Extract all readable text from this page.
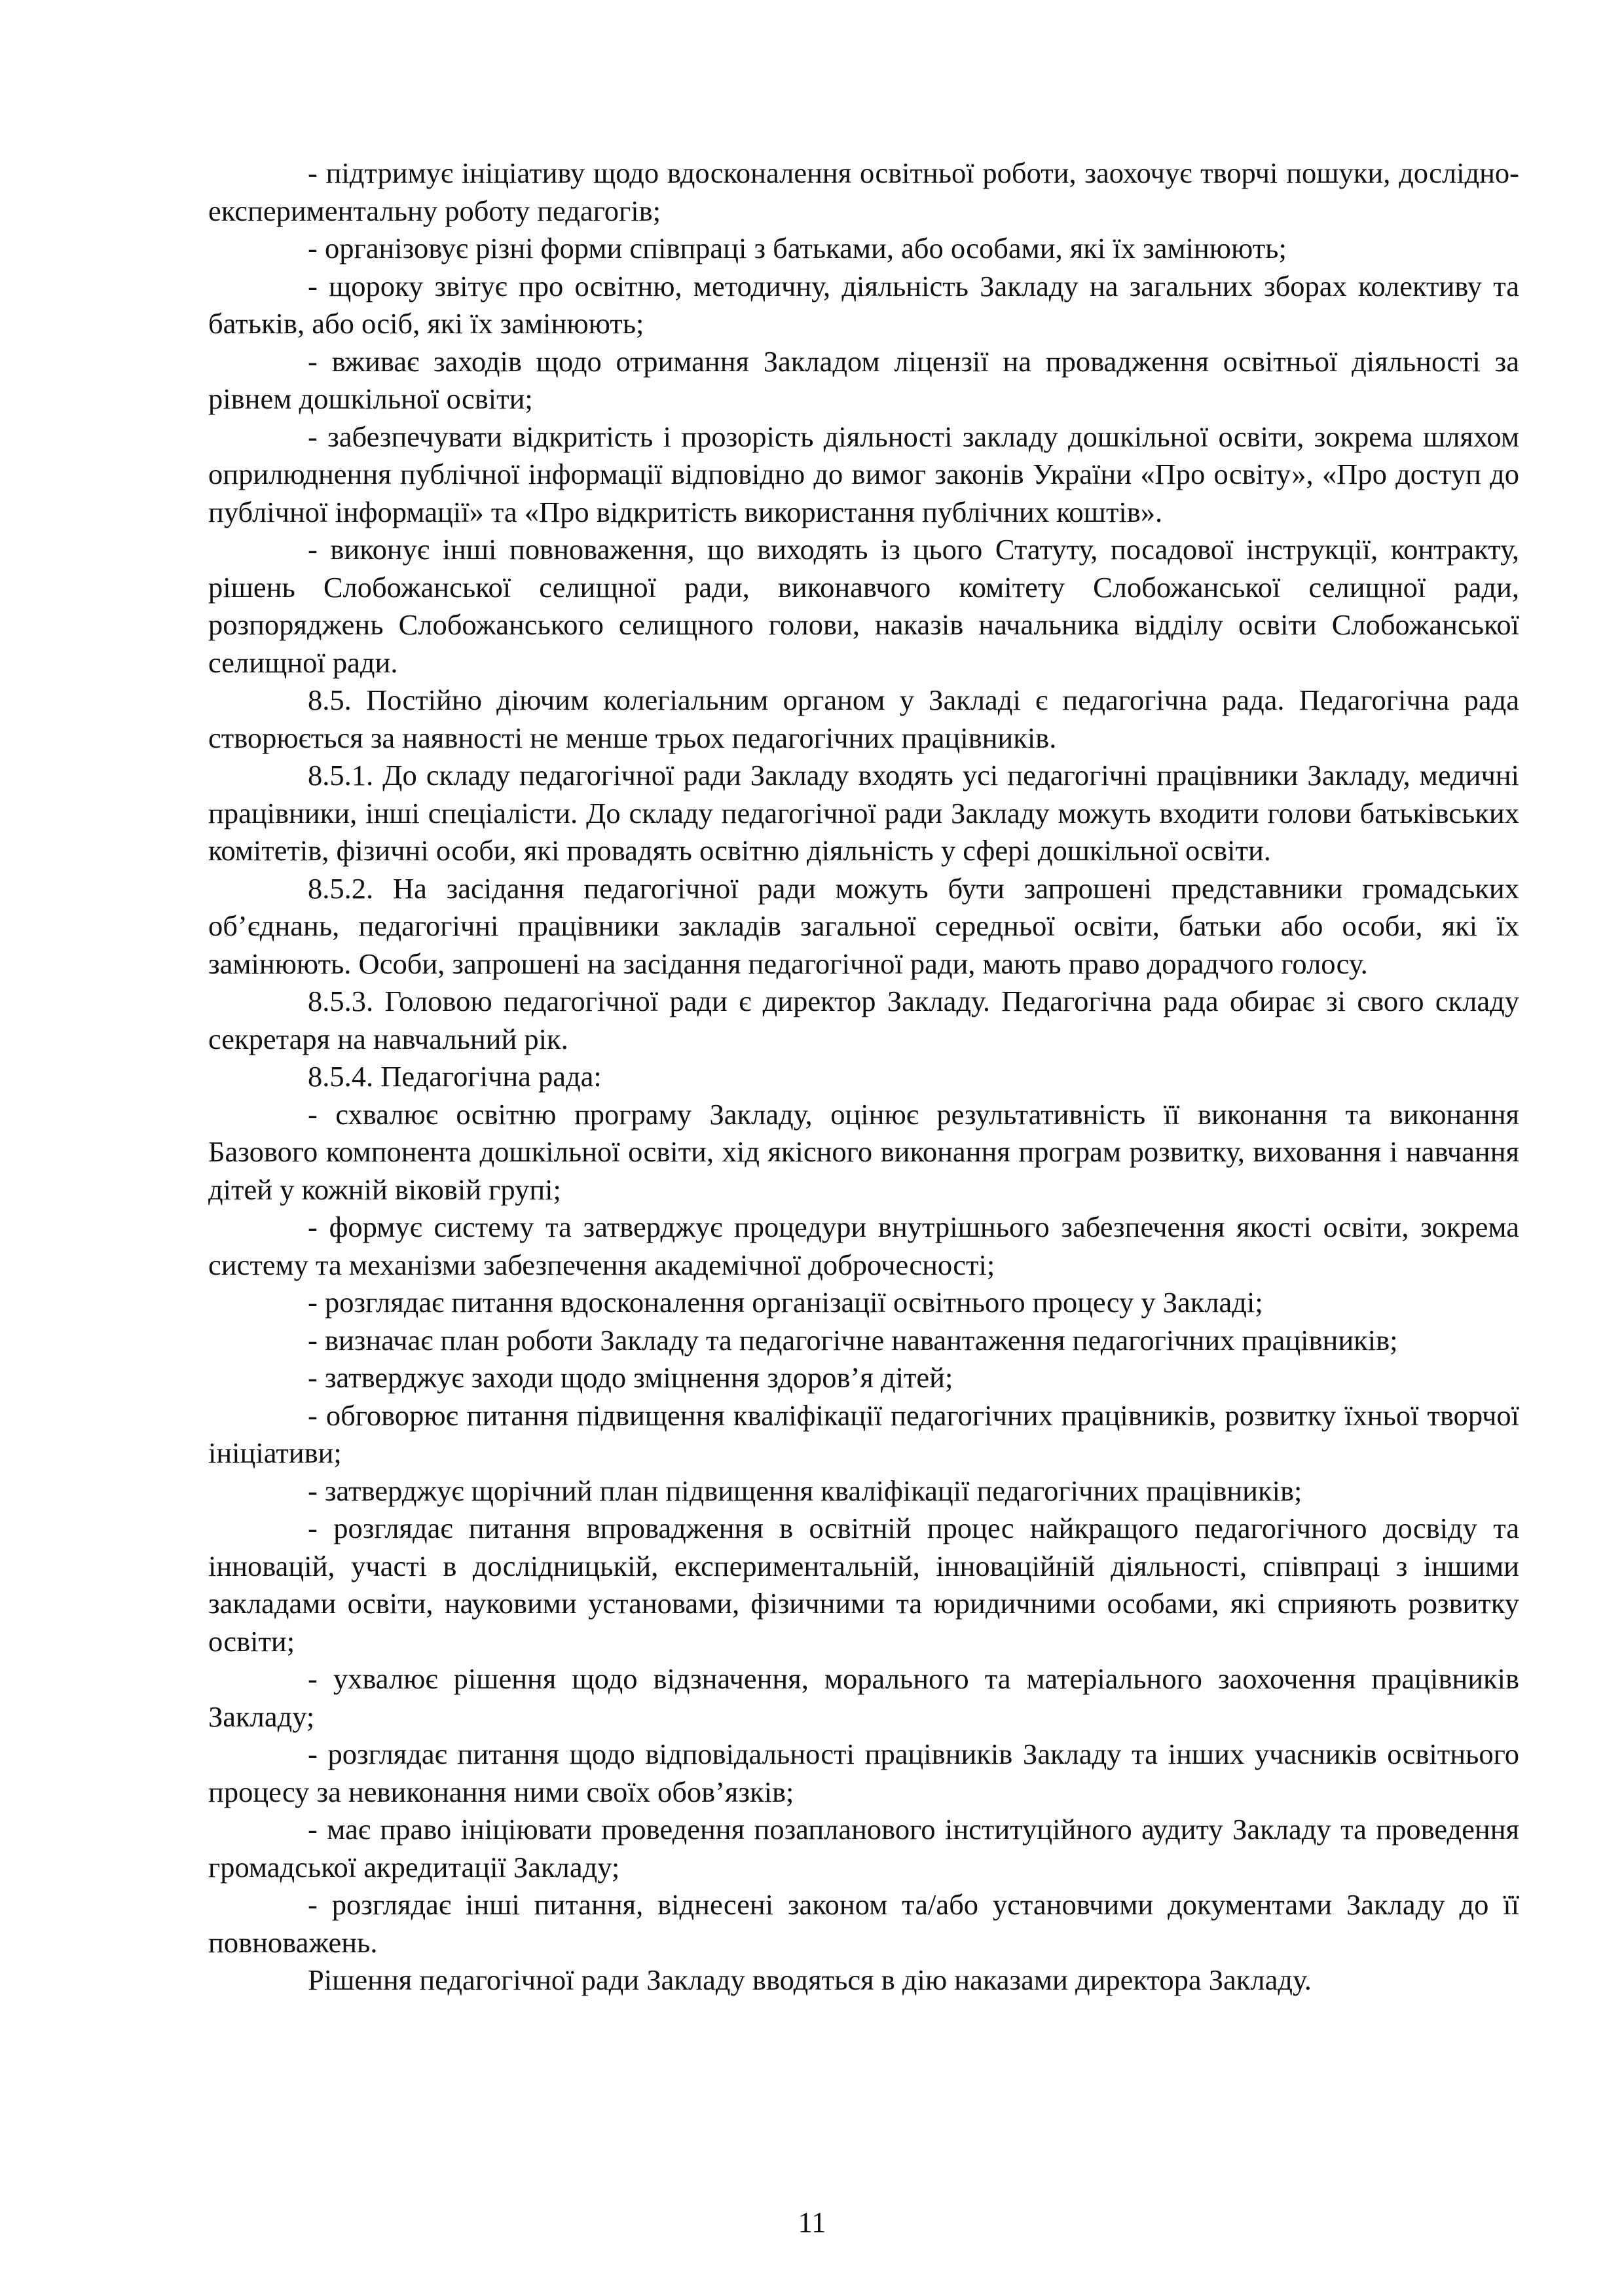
- підтримує ініціативу щодо вдосконалення освітньої роботи, заохочує творчі пошуки, дослідно-експериментальну роботу педагогів;

- організовує різні форми співпраці з батьками, або особами, які їх замінюють;

- щороку звітує про освітню, методичну, діяльність Закладу на загальних зборах колективу та батьків, або осіб, які їх замінюють;

- вживає заходів щодо отримання Закладом ліцензії на провадження освітньої діяльності за рівнем дошкільної освіти;

- забезпечувати відкритість і прозорість діяльності закладу дошкільної освіти, зокрема шляхом оприлюднення публічної інформації відповідно до вимог законів України «Про освіту», «Про доступ до публічної інформації» та «Про відкритість використання публічних коштів».

- виконує інші повноваження, що виходять із цього Статуту, посадової інструкції, контракту, рішень Слобожанської селищної ради, виконавчого комітету Слобожанської селищної ради, розпоряджень Слобожанського селищного голови, наказів начальника відділу освіти Слобожанської селищної ради.

8.5. Постійно діючим колегіальним органом у Закладі є педагогічна рада. Педагогічна рада створюється за наявності не менше трьох педагогічних працівників.

8.5.1. До складу педагогічної ради Закладу входять усі педагогічні працівники Закладу, медичні працівники, інші спеціалісти. До складу педагогічної ради Закладу можуть входити голови батьківських комітетів, фізичні особи, які провадять освітню діяльність у сфері дошкільної освіти.

8.5.2. На засідання педагогічної ради можуть бути запрошені представники громадських об’єднань, педагогічні працівники закладів загальної середньої освіти, батьки або особи, які їх замінюють. Особи, запрошені на засідання педагогічної ради, мають право дорадчого голосу.

8.5.3. Головою педагогічної ради є директор Закладу. Педагогічна рада обирає зі свого складу секретаря на навчальний рік.

8.5.4. Педагогічна рада:

- схвалює освітню програму Закладу, оцінює результативність її виконання та виконання Базового компонента дошкільної освіти, хід якісного виконання програм розвитку, виховання і навчання дітей у кожній віковій групі;

- формує систему та затверджує процедури внутрішнього забезпечення якості освіти, зокрема систему та механізми забезпечення академічної доброчесності;

- розглядає питання вдосконалення організації освітнього процесу у Закладі;

- визначає план роботи Закладу та педагогічне навантаження педагогічних працівників;

- затверджує заходи щодо зміцнення здоров’я дітей;

- обговорює питання підвищення кваліфікації педагогічних працівників, розвитку їхньої творчої ініціативи;

- затверджує щорічний план підвищення кваліфікації педагогічних працівників;

- розглядає питання впровадження в освітній процес найкращого педагогічного досвіду та інновацій, участі в дослідницькій, експериментальній, інноваційній діяльності, співпраці з іншими закладами освіти, науковими установами, фізичними та юридичними особами, які сприяють розвитку освіти;

- ухвалює рішення щодо відзначення, морального та матеріального заохочення працівників Закладу;

- розглядає питання щодо відповідальності працівників Закладу та інших учасників освітнього процесу за невиконання ними своїх обов’язків;

- має право ініціювати проведення позапланового інституційного аудиту Закладу та проведення громадської акредитації Закладу;

- розглядає інші питання, віднесені законом та/або установчими документами Закладу до її повноважень.

Рішення педагогічної ради Закладу вводяться в дію наказами директора Закладу.

11
